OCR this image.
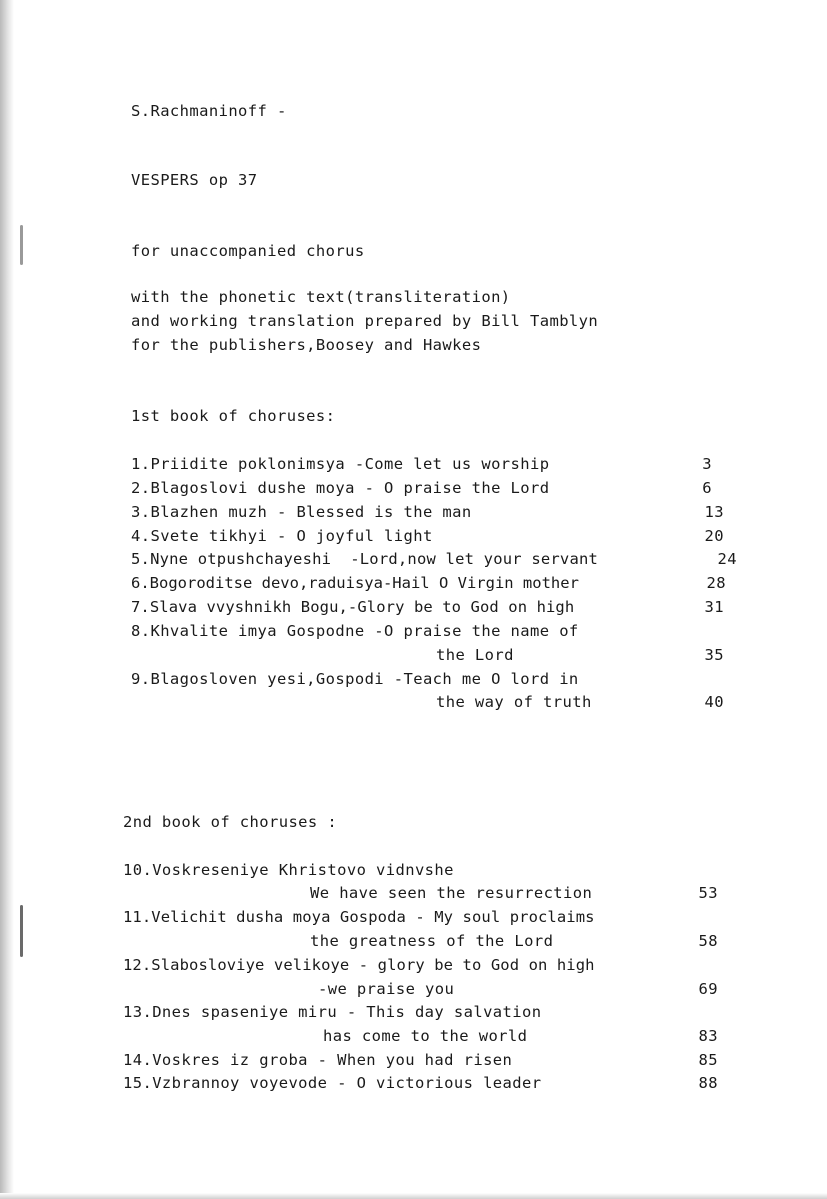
S.Rachmaninoff -
VESPERS op 37
for unaccompanied chorus
with the phonetic text(transliteration)
and working translation prepared by Bill Tamblyn
for the publishers,Boosey and Hawkes
1st book of choruses:
1.Priidite poklonimsya -Come let us worship	3
2.Blagoslovi dushe moya - O praise the Lord	6
3.Blazhen muzh - Blessed is the man	13
4.Svete tikhyi - O joyful light	20
5.Nyne otpushchayeshi  -Lord,now let your servant	24
6.Bogoroditse devo,raduisya-Hail O Virgin mother	28
7.Slava vvyshnikh Bogu,-Glory be to God on high	31
8.Khvalite imya Gospodne -O praise the name of
the Lord	35
9.Blagosloven yesi,Gospodi -Teach me O lord in
the way of truth	40
2nd book of choruses :
10.Voskreseniye Khristovo vidnvshe
We have seen the resurrection	53
11.Velichit dusha moya Gospoda - My soul proclaims
the greatness of the Lord	58
12.Slabosloviye velikoye - glory be to God on high
-we praise you	69
13.Dnes spaseniye miru - This day salvation
has come to the world	83
14.Voskres iz groba - When you had risen	85
15.Vzbrannoy voyevode - O victorious leader	88
